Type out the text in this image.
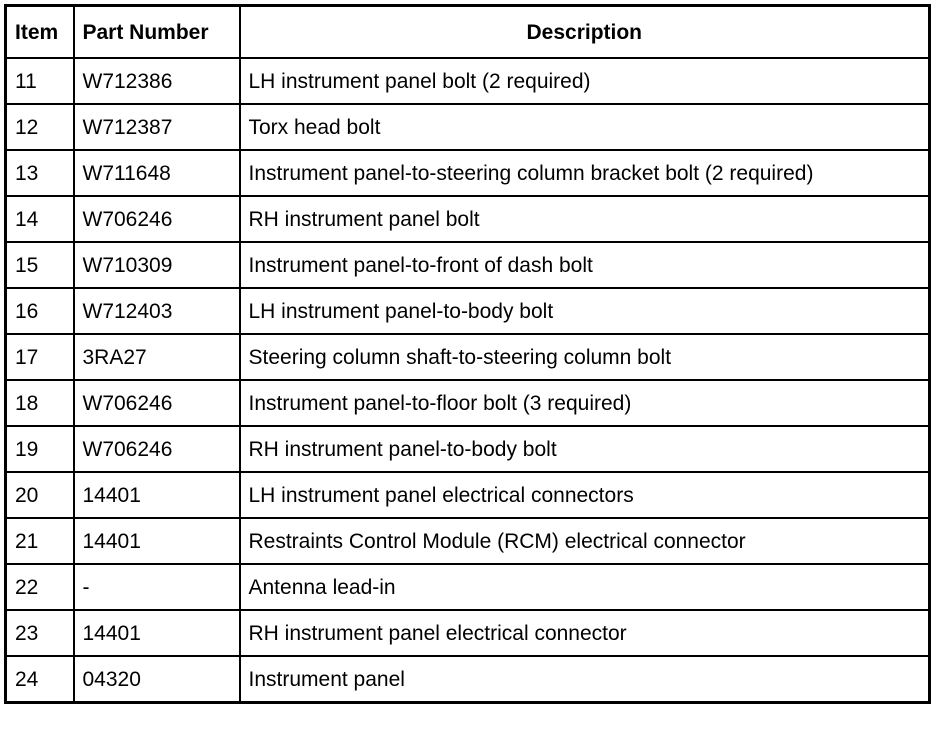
Item	Part Number	Description
11	W712386	LH instrument panel bolt (2 required)
12	W712387	Torx head bolt
13	W711648	Instrument panel-to-steering column bracket bolt (2 required)
14	W706246	RH instrument panel bolt
15	W710309	Instrument panel-to-front of dash bolt
16	W712403	LH instrument panel-to-body bolt
17	3RA27	Steering column shaft-to-steering column bolt
18	W706246	Instrument panel-to-floor bolt (3 required)
19	W706246	RH instrument panel-to-body bolt
20	14401	LH instrument panel electrical connectors
21	14401	Restraints Control Module (RCM) electrical connector
22	-	Antenna lead-in
23	14401	RH instrument panel electrical connector
24	04320	Instrument panel
